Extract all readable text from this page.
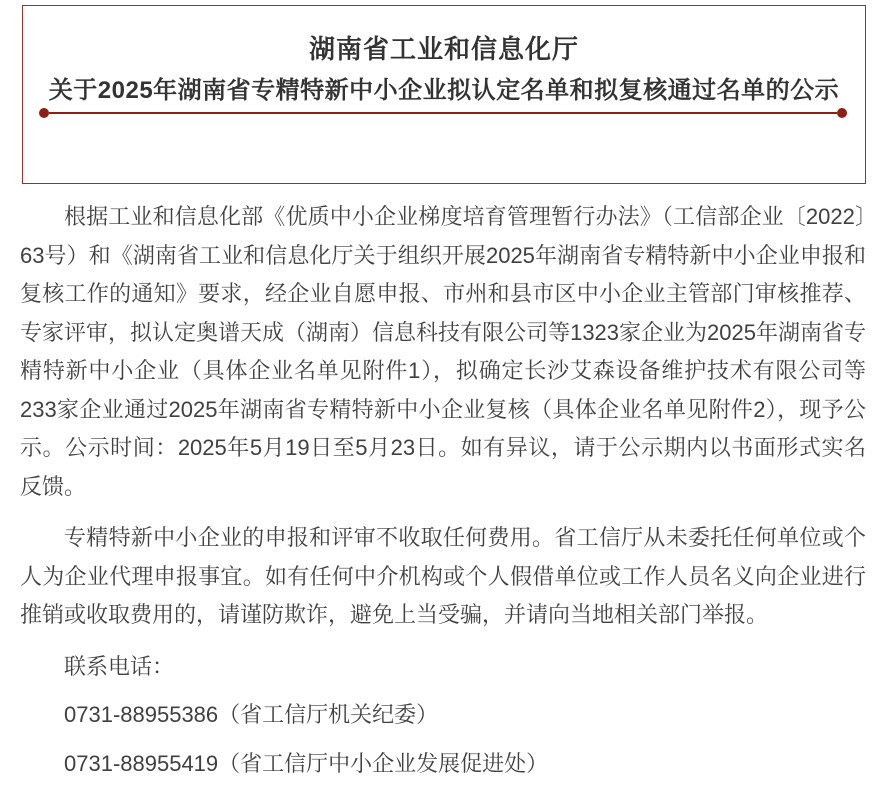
湖南省工业和信息化厅
关于2025年湖南省专精特新中小企业拟认定名单和拟复核通过名单的公示

根据工业和信息化部《优质中小企业梯度培育管理暂行办法》（工信部企业〔2022〕63号）和《湖南省工业和信息化厅关于组织开展2025年湖南省专精特新中小企业申报和复核工作的通知》要求，经企业自愿申报、市州和县市区中小企业主管部门审核推荐、专家评审，拟认定奥谱天成（湖南）信息科技有限公司等1323家企业为2025年湖南省专精特新中小企业（具体企业名单见附件1），拟确定长沙艾森设备维护技术有限公司等233家企业通过2025年湖南省专精特新中小企业复核（具体企业名单见附件2），现予公示。公示时间：2025年5月19日至5月23日。如有异议，请于公示期内以书面形式实名反馈。

专精特新中小企业的申报和评审不收取任何费用。省工信厅从未委托任何单位或个人为企业代理申报事宜。如有任何中介机构或个人假借单位或工作人员名义向企业进行推销或收取费用的，请谨防欺诈，避免上当受骗，并请向当地相关部门举报。

联系电话：

0731-88955386（省工信厅机关纪委）

0731-88955419（省工信厅中小企业发展促进处）
